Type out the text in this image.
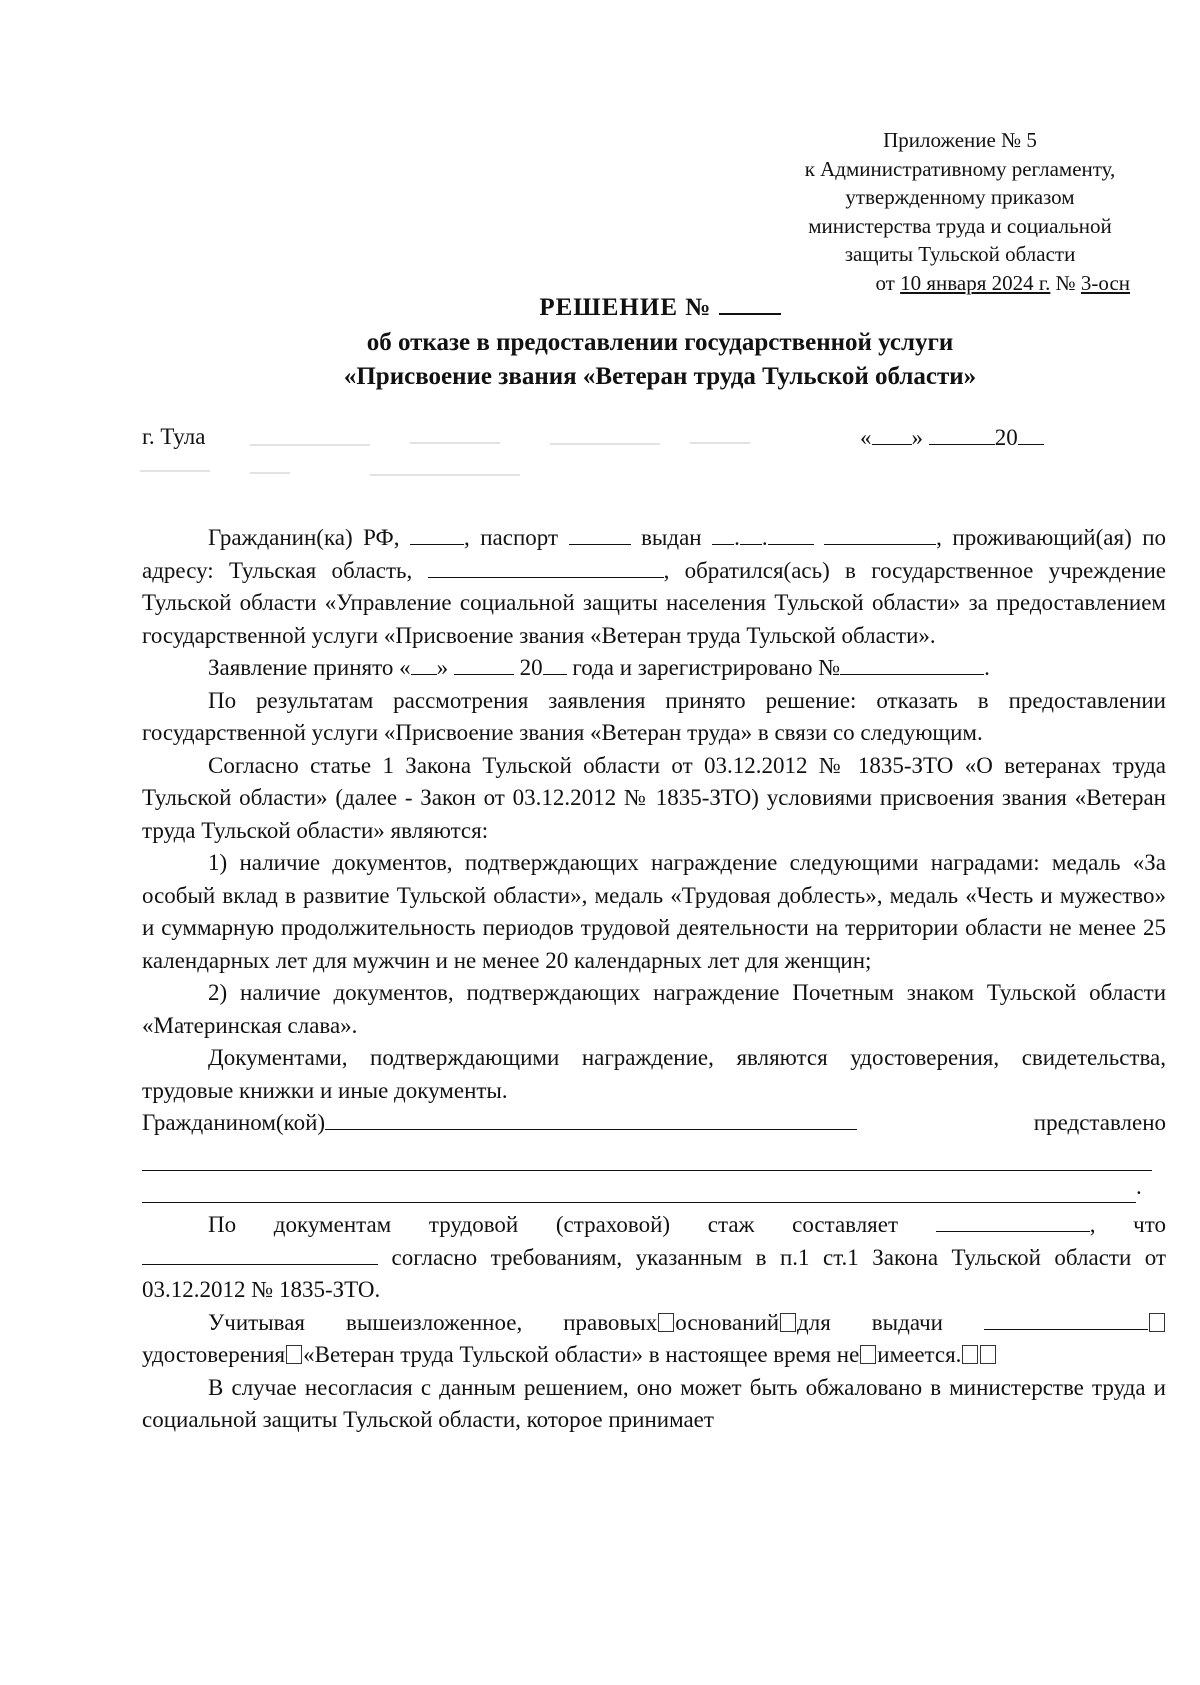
Приложение № 5
к Административному регламенту,
утвержденному приказом
министерства труда и социальной
защиты Тульской области
от 10 января 2024 г. № 3-осн
РЕШЕНИЕ №
об отказе в предоставлении государственной услуги
«Присвоение звания «Ветеран труда Тульской области»
г. Тула	« »	20

Гражданин(ка) РФ,	, паспорт	выдан . .	, проживающий(ая) по адресу: Тульская область,	, обратился(ась) в государственное учреждение Тульской области «Управление социальной защиты населения Тульской области» за предоставлением государственной услуги «Присвоение звания «Ветеран труда Тульской области».

Заявление принято « »	20 года и зарегистрировано №	.

По результатам рассмотрения заявления принято решение: отказать в предоставлении государственной услуги «Присвоение звания «Ветеран труда» в связи со следующим.

Согласно статье 1 Закона Тульской области от 03.12.2012 № 1835-ЗТО «О ветеранах труда Тульской области» (далее - Закон от 03.12.2012 № 1835-ЗТО) условиями присвоения звания «Ветеран труда Тульской области» являются:

1) наличие документов, подтверждающих награждение следующими наградами: медаль «За особый вклад в развитие Тульской области», медаль «Трудовая доблесть», медаль «Честь и мужество» и суммарную продолжительность периодов трудовой деятельности на территории области не менее 25 календарных лет для мужчин и не менее 20 календарных лет для женщин;

2) наличие документов, подтверждающих награждение Почетным знаком Тульской области «Материнская слава».

Документами, подтверждающими награждение, являются удостоверения, свидетельства, трудовые книжки и иные документы.

Гражданином(кой)	представлено
.

По документам трудовой (страховой) стаж составляет	, что  согласно требованиям, указанным в п.1 ст.1 Закона Тульской области от 03.12.2012 № 1835-ЗТО.

Учитывая вышеизложенное, правовых оснований для выдачи  удостоверения «Ветеран труда Тульской области» в настоящее время не имеется.

В случае несогласия с данным решением, оно может быть обжаловано в министерстве труда и социальной защиты Тульской области, которое принимает
